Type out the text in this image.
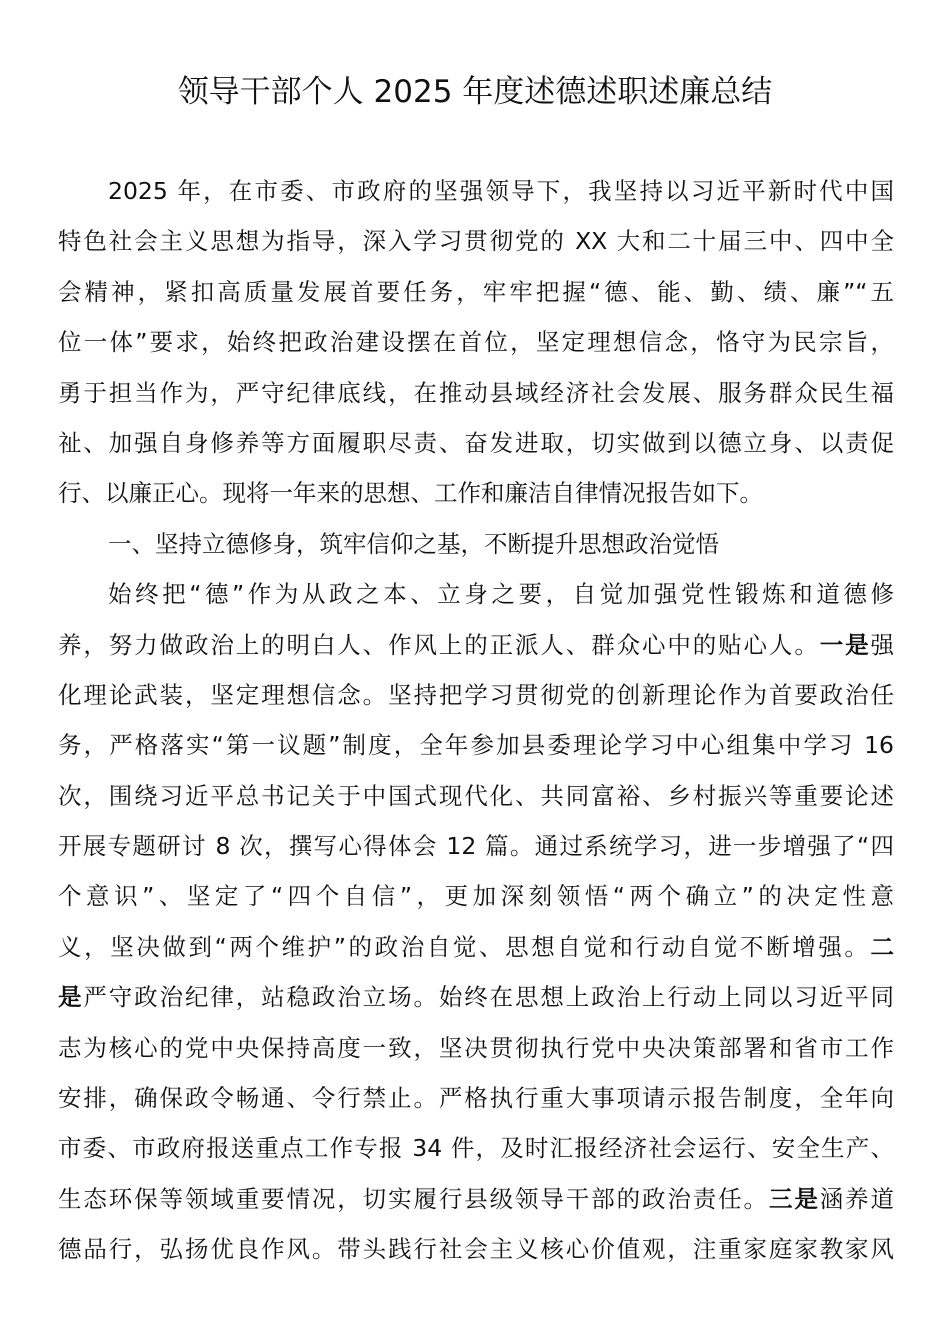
领导干部个人 2025 年度述德述职述廉总结
2025 年，在市委、市政府的坚强领导下，我坚持以习近平新时代中国
特色社会主义思想为指导，深入学习贯彻党的 XX 大和二十届三中、四中全
会精神，紧扣高质量发展首要任务，牢牢把握“德、能、勤、绩、廉”“五
位一体”要求，始终把政治建设摆在首位，坚定理想信念，恪守为民宗旨，
勇于担当作为，严守纪律底线，在推动县域经济社会发展、服务群众民生福
祉、加强自身修养等方面履职尽责、奋发进取，切实做到以德立身、以责促
行、以廉正心。现将一年来的思想、工作和廉洁自律情况报告如下。
一、坚持立德修身，筑牢信仰之基，不断提升思想政治觉悟
始终把“德”作为从政之本、立身之要，自觉加强党性锻炼和道德修
养，努力做政治上的明白人、作风上的正派人、群众心中的贴心人。一是强
化理论武装，坚定理想信念。坚持把学习贯彻党的创新理论作为首要政治任
务，严格落实“第一议题”制度，全年参加县委理论学习中心组集中学习 16
次，围绕习近平总书记关于中国式现代化、共同富裕、乡村振兴等重要论述
开展专题研讨 8 次，撰写心得体会 12 篇。通过系统学习，进一步增强了“四
个意识”、坚定了“四个自信”，更加深刻领悟“两个确立”的决定性意
义，坚决做到“两个维护”的政治自觉、思想自觉和行动自觉不断增强。二
是严守政治纪律，站稳政治立场。始终在思想上政治上行动上同以习近平同
志为核心的党中央保持高度一致，坚决贯彻执行党中央决策部署和省市工作
安排，确保政令畅通、令行禁止。严格执行重大事项请示报告制度，全年向
市委、市政府报送重点工作专报 34 件，及时汇报经济社会运行、安全生产、
生态环保等领域重要情况，切实履行县级领导干部的政治责任。三是涵养道
德品行，弘扬优良作风。带头践行社会主义核心价值观，注重家庭家教家风
